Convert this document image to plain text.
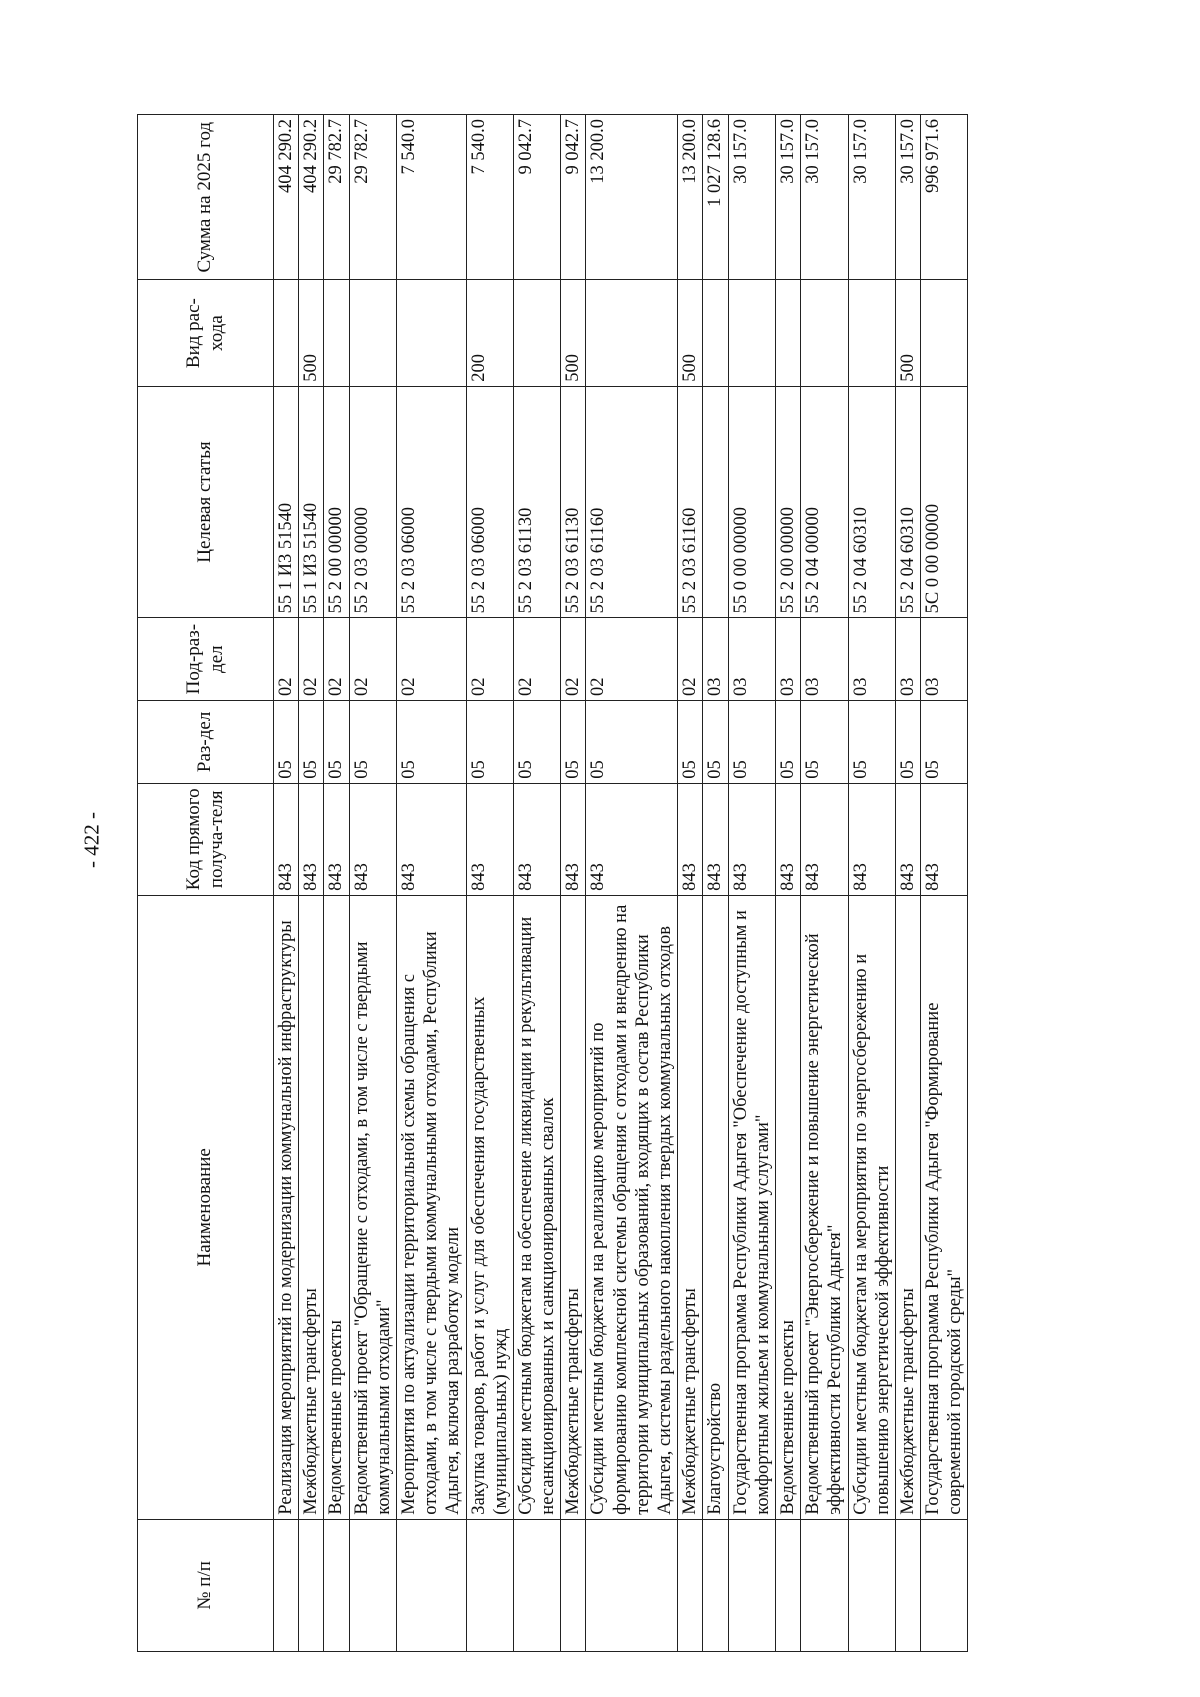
- 422 -
№ п/п	Наименование	Код прямого получа-теля	Раз-дел	Под-раз-дел	Целевая статья	Вид рас-хода	Сумма на 2025 год
	Реализация мероприятий по модернизации коммунальной инфраструктуры	843	05	02	55 1 И3 51540		404 290.2
	Межбюджетные трансферты	843	05	02	55 1 И3 51540	500	404 290.2
	Ведомственные проекты	843	05	02	55 2 00 00000		29 782.7
	Ведомственный проект "Обращение с отходами, в том числе с твердыми коммунальными отходами"	843	05	02	55 2 03 00000		29 782.7
	Мероприятия по актуализации территориальной схемы обращения с отходами, в том числе с твердыми коммунальными отходами, Республики Адыгея, включая разработку модели	843	05	02	55 2 03 06000		7 540.0
	Закупка товаров, работ и услуг для обеспечения государственных (муниципальных) нужд	843	05	02	55 2 03 06000	200	7 540.0
	Субсидии местным бюджетам на обеспечение ликвидации и рекультивации несанкционированных и санкционированных свалок	843	05	02	55 2 03 61130		9 042.7
	Межбюджетные трансферты	843	05	02	55 2 03 61130	500	9 042.7
	Субсидии местным бюджетам на реализацию мероприятий по формированию комплексной системы обращения с отходами и внедрению на территории муниципальных образований, входящих в состав Республики Адыгея, системы раздельного накопления твердых коммунальных отходов	843	05	02	55 2 03 61160		13 200.0
	Межбюджетные трансферты	843	05	02	55 2 03 61160	500	13 200.0
	Благоустройство	843	05	03			1 027 128.6
	Государственная программа Республики Адыгея "Обеспечение доступным и комфортным жильем и коммунальными услугами"	843	05	03	55 0 00 00000		30 157.0
	Ведомственные проекты	843	05	03	55 2 00 00000		30 157.0
	Ведомственный проект "Энергосбережение и повышение энергетической эффективности Республики Адыгея"	843	05	03	55 2 04 00000		30 157.0
	Субсидии местным бюджетам на мероприятия по энергосбережению и повышению энергетической эффективности	843	05	03	55 2 04 60310		30 157.0
	Межбюджетные трансферты	843	05	03	55 2 04 60310	500	30 157.0
	Государственная программа Республики Адыгея "Формирование современной городской среды"	843	05	03	5С 0 00 00000		996 971.6
